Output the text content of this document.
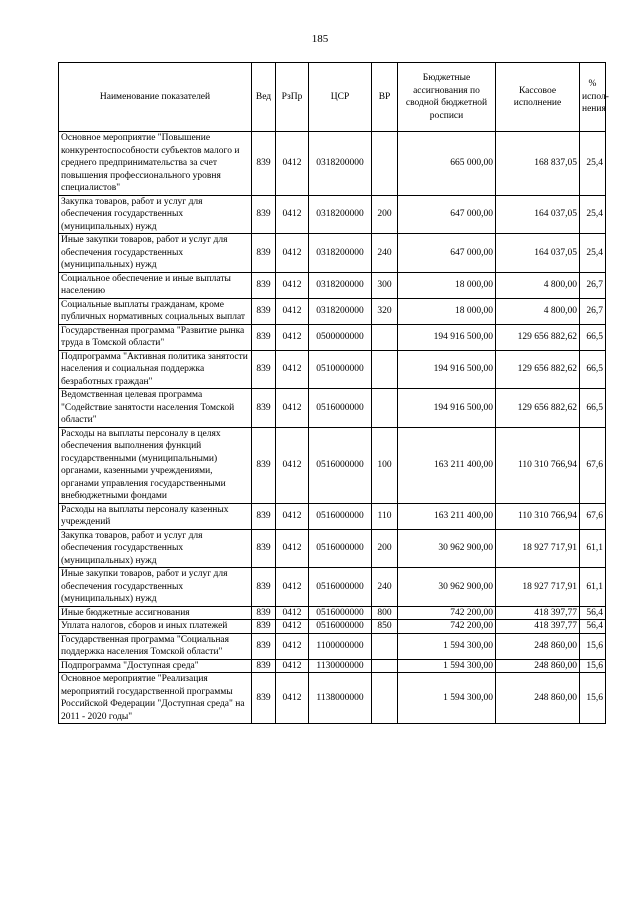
185
Наименование показателей	Вед	РзПр	ЦСР	ВР	Бюджетные ассигнования по сводной бюджетной росписи	Кассовое исполнение	% испол-нения
Основное мероприятие "Повышение конкурентоспособности субъектов малого и среднего предпринимательства за счет повышения профессионального уровня специалистов"	839	0412	0318200000		665 000,00	168 837,05	25,4
Закупка товаров, работ и услуг для обеспечения государственных (муниципальных) нужд	839	0412	0318200000	200	647 000,00	164 037,05	25,4
Иные закупки товаров, работ и услуг для обеспечения государственных (муниципальных) нужд	839	0412	0318200000	240	647 000,00	164 037,05	25,4
Социальное обеспечение и иные выплаты населению	839	0412	0318200000	300	18 000,00	4 800,00	26,7
Социальные выплаты гражданам, кроме публичных нормативных социальных выплат	839	0412	0318200000	320	18 000,00	4 800,00	26,7
Государственная программа "Развитие рынка труда в Томской области"	839	0412	0500000000		194 916 500,00	129 656 882,62	66,5
Подпрограмма "Активная политика занятости населения и социальная поддержка безработных граждан"	839	0412	0510000000		194 916 500,00	129 656 882,62	66,5
Ведомственная целевая программа "Содействие занятости населения Томской области"	839	0412	0516000000		194 916 500,00	129 656 882,62	66,5
Расходы на выплаты персоналу в целях обеспечения выполнения функций государственными (муниципальными) органами, казенными учреждениями, органами управления государственными внебюджетными фондами	839	0412	0516000000	100	163 211 400,00	110 310 766,94	67,6
Расходы на выплаты персоналу казенных учреждений	839	0412	0516000000	110	163 211 400,00	110 310 766,94	67,6
Закупка товаров, работ и услуг для обеспечения государственных (муниципальных) нужд	839	0412	0516000000	200	30 962 900,00	18 927 717,91	61,1
Иные закупки товаров, работ и услуг для обеспечения государственных (муниципальных) нужд	839	0412	0516000000	240	30 962 900,00	18 927 717,91	61,1
Иные бюджетные ассигнования	839	0412	0516000000	800	742 200,00	418 397,77	56,4
Уплата налогов, сборов и иных платежей	839	0412	0516000000	850	742 200,00	418 397,77	56,4
Государственная программа "Социальная поддержка населения Томской области"	839	0412	1100000000		1 594 300,00	248 860,00	15,6
Подпрограмма "Доступная среда"	839	0412	1130000000		1 594 300,00	248 860,00	15,6
Основное мероприятие "Реализация мероприятий государственной программы Российской Федерации "Доступная среда" на 2011 - 2020 годы"	839	0412	1138000000		1 594 300,00	248 860,00	15,6
